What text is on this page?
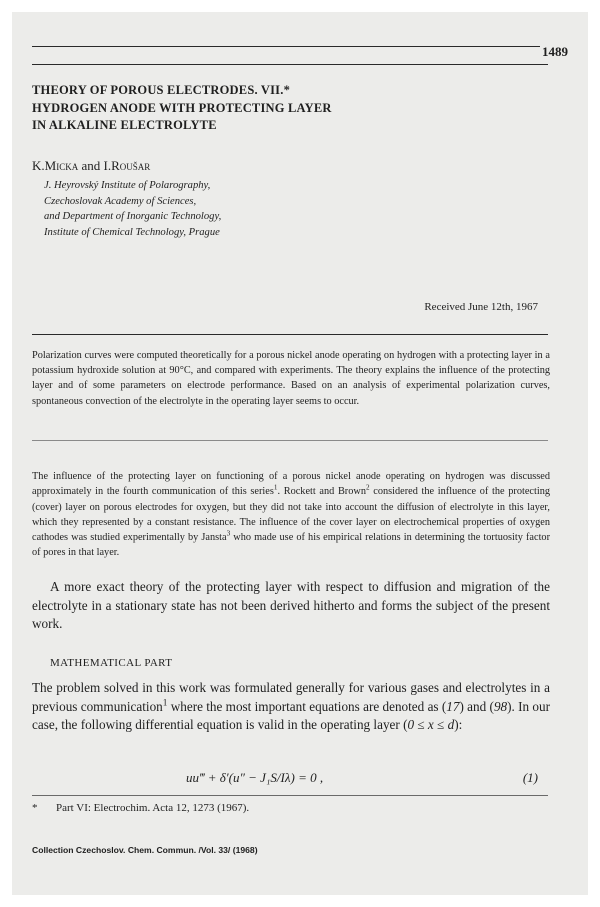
1489
THEORY OF POROUS ELECTRODES. VII.*
HYDROGEN ANODE WITH PROTECTING LAYER
IN ALKALINE ELECTROLYTE
K.Micka and I.Roušar
J. Heyrovský Institute of Polarography,
Czechoslovak Academy of Sciences,
and Department of Inorganic Technology,
Institute of Chemical Technology, Prague
Received June 12th, 1967
Polarization curves were computed theoretically for a porous nickel anode operating on hydrogen with a protecting layer in a potassium hydroxide solution at 90°C, and compared with experiments. The theory explains the influence of the protecting layer and of some parameters on electrode performance. Based on an analysis of experimental polarization curves, spontaneous convection of the electrolyte in the operating layer seems to occur.
The influence of the protecting layer on functioning of a porous nickel anode operating on hydrogen was discussed approximately in the fourth communication of this series$^1$. Rockett and Brown$^2$ considered the influence of the protecting (cover) layer on porous electrodes for oxygen, but they did not take into account the diffusion of electrolyte in this layer, which they represented by a constant resistance. The influence of the cover layer on electrochemical properties of oxygen cathodes was studied experimentally by Jansta$^3$ who made use of his empirical relations in determining the tortuosity factor of pores in that layer.
A more exact theory of the protecting layer with respect to diffusion and migration of the electrolyte in a stationary state has not been derived hitherto and forms the subject of the present work.
MATHEMATICAL PART
The problem solved in this work was formulated generally for various gases and electrolytes in a previous communication$^1$ where the most important equations are denoted as (17) and (98). In our case, the following differential equation is valid in the operating layer (0 ≤ x ≤ d):
uu‴ + δ′(u″ − J₁S/Iλ) = 0 ,	(1)
* Part VI: Electrochim. Acta 12, 1273 (1967).
Collection Czechoslov. Chem. Commun. /Vol. 33/ (1968)
